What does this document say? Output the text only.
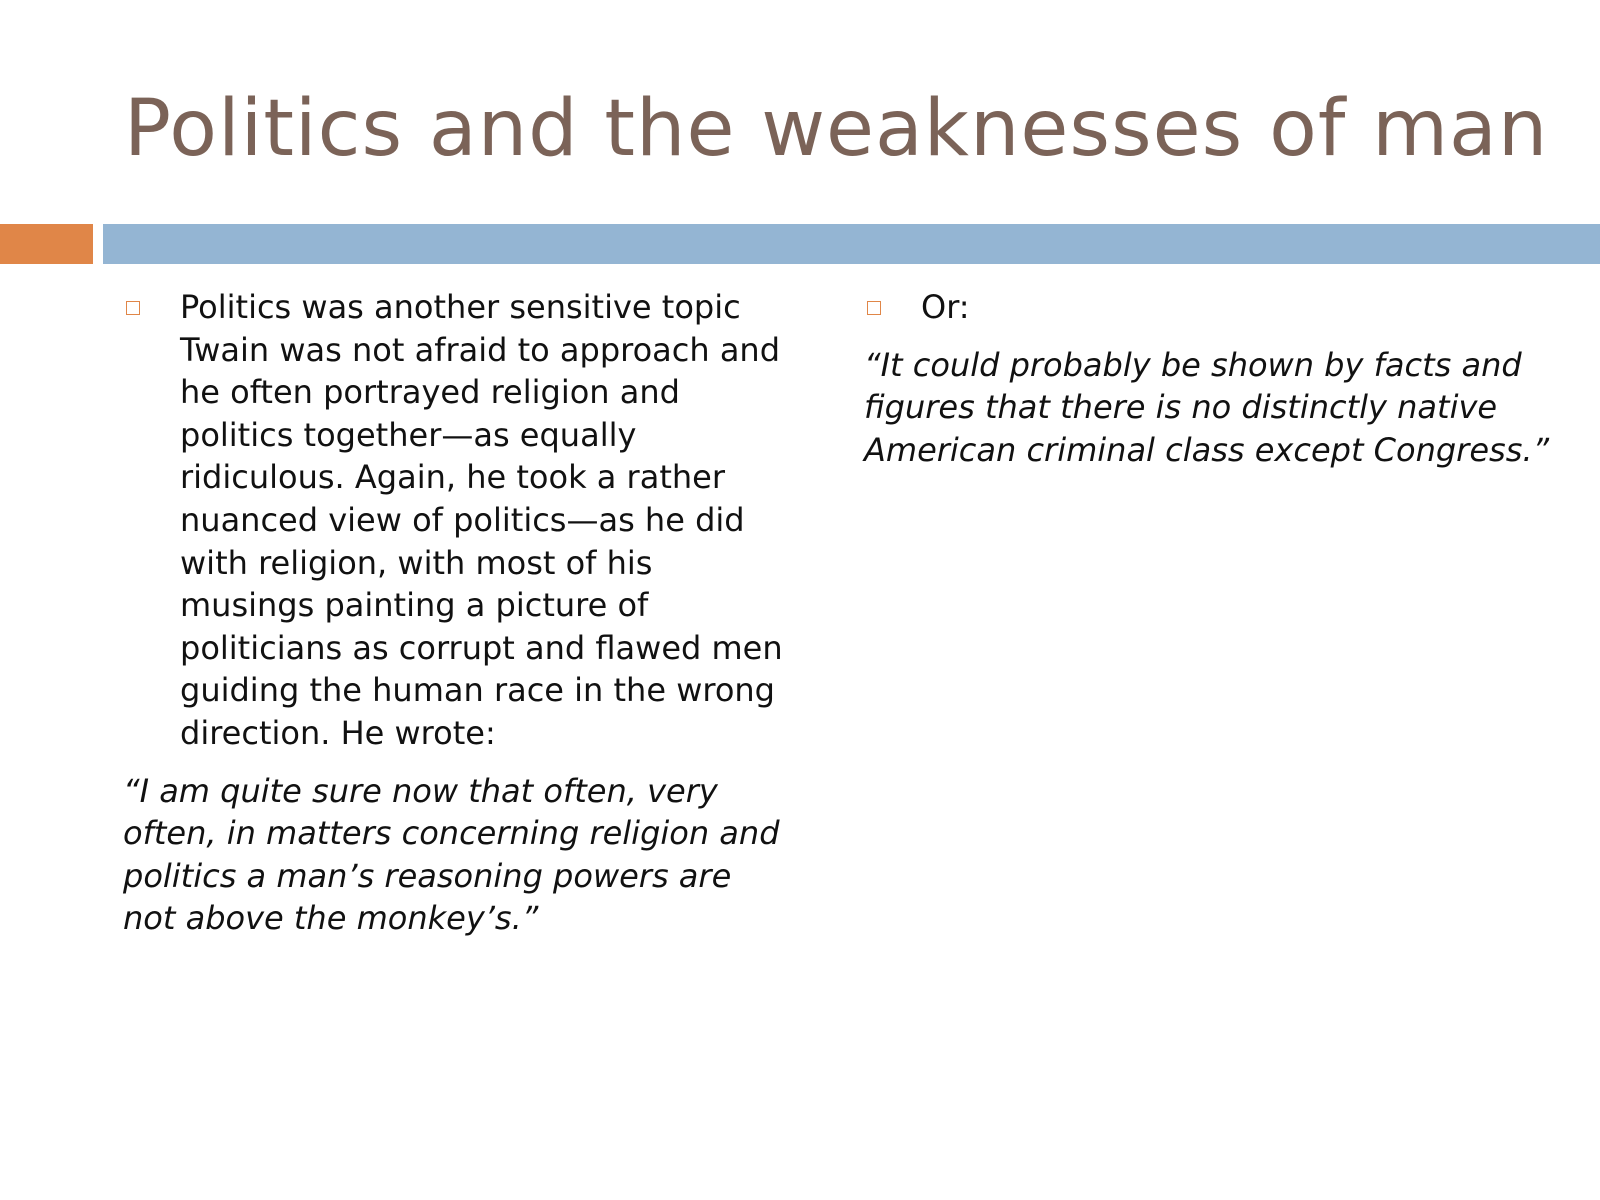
Politics and the weaknesses of man
Politics was another sensitive topic Twain was not afraid to approach and he often portrayed religion and politics together—as equally ridiculous. Again, he took a rather nuanced view of politics—as he did with religion, with most of his musings painting a picture of politicians as corrupt and flawed men guiding the human race in the wrong direction. He wrote:
“I am quite sure now that often, very often, in matters concerning religion and politics a man’s reasoning powers are not above the monkey’s.”
Or:
“It could probably be shown by facts and figures that there is no distinctly native American criminal class except Congress.”
